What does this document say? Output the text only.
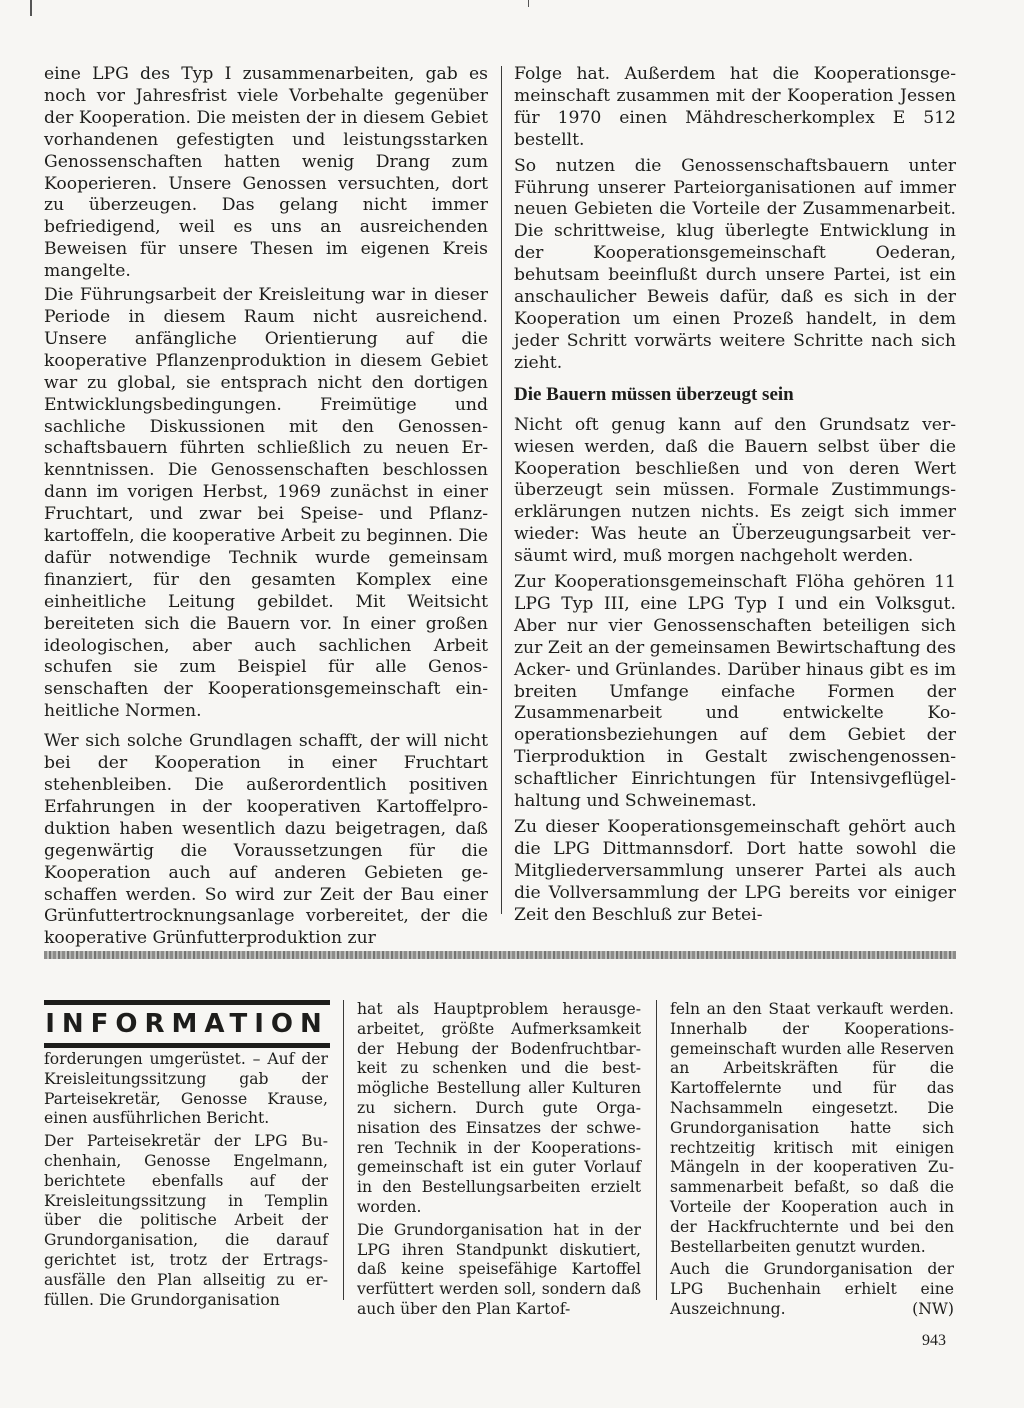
eine LPG des Typ I zusammenarbeiten, gab es noch vor Jahresfrist viele Vorbehalte gegenüber der Kooperation. Die meisten der in diesem Gebiet vorhandenen gefestigten und leistungsstarken Genossenschaften hatten wenig Drang zum Kooperieren. Unsere Genossen versuchten, dort zu überzeugen. Das gelang nicht immer befriedigend, weil es uns an ausreichenden Beweisen für unsere Thesen im eigenen Kreis mangelte.

Die Führungsarbeit der Kreisleitung war in dieser Periode in diesem Raum nicht ausreichend. Unsere anfängliche Orientierung auf die kooperative Pflanzenproduktion in diesem Gebiet war zu global, sie entsprach nicht den dortigen Entwicklungsbedingungen. Freimütige und sachliche Diskussionen mit den Genossenschaftsbauern führten schließlich zu neuen Erkenntnissen. Die Genossenschaften beschlossen dann im vorigen Herbst, 1969 zunächst in einer Fruchtart, und zwar bei Speise- und Pflanzkartoffeln, die kooperative Arbeit zu beginnen. Die dafür notwendige Technik wurde gemeinsam finanziert, für den gesamten Komplex eine einheitliche Leitung gebildet. Mit Weitsicht bereiteten sich die Bauern vor. In einer großen ideologischen, aber auch sachlichen Arbeit schufen sie zum Beispiel für alle Genossenschaften der Kooperationsgemeinschaft einheitliche Normen.

Wer sich solche Grundlagen schafft, der will nicht bei der Kooperation in einer Fruchtart stehenbleiben. Die außerordentlich positiven Erfahrungen in der kooperativen Kartoffelproduktion haben wesentlich dazu beigetragen, daß gegenwärtig die Voraussetzungen für die Kooperation auch auf anderen Gebieten geschaffen werden. So wird zur Zeit der Bau einer Grünfuttertrocknungsanlage vorbereitet, der die kooperative Grünfutterproduktion zur

Folge hat. Außerdem hat die Kooperationsgemeinschaft zusammen mit der Kooperation Jessen für 1970 einen Mähdrescherkomplex E 512 bestellt.

So nutzen die Genossenschaftsbauern unter Führung unserer Parteiorganisationen auf immer neuen Gebieten die Vorteile der Zusammenarbeit. Die schrittweise, klug überlegte Entwicklung in der Kooperationsgemeinschaft Oederan, behutsam beeinflußt durch unsere Partei, ist ein anschaulicher Beweis dafür, daß es sich in der Kooperation um einen Prozeß handelt, in dem jeder Schritt vorwärts weitere Schritte nach sich zieht.

Die Bauern müssen überzeugt sein

Nicht oft genug kann auf den Grundsatz verwiesen werden, daß die Bauern selbst über die Kooperation beschließen und von deren Wert überzeugt sein müssen. Formale Zustimmungserklärungen nutzen nichts. Es zeigt sich immer wieder: Was heute an Überzeugungsarbeit versäumt wird, muß morgen nachgeholt werden.

Zur Kooperationsgemeinschaft Flöha gehören 11 LPG Typ III, eine LPG Typ I und ein Volksgut. Aber nur vier Genossenschaften beteiligen sich zur Zeit an der gemeinsamen Bewirtschaftung des Acker- und Grünlandes. Darüber hinaus gibt es im breiten Umfange einfache Formen der Zusammenarbeit und entwickelte Kooperationsbeziehungen auf dem Gebiet der Tierproduktion in Gestalt zwischengenossenschaftlicher Einrichtungen für Intensivgeflügelhaltung und Schweinemast.

Zu dieser Kooperationsgemeinschaft gehört auch die LPG Dittmannsdorf. Dort hatte sowohl die Mitgliederversammlung unserer Partei als auch die Vollversammlung der LPG bereits vor einiger Zeit den Beschluß zur Betei-

INFORMATION

forderungen umgerüstet. – Auf der Kreisleitungssitzung gab der Parteisekretär, Genosse Krause, einen ausführlichen Bericht.

Der Parteisekretär der LPG Buchenhain, Genosse Engelmann, berichtete ebenfalls auf der Kreisleitungssitzung in Templin über die politische Arbeit der Grundorganisation, die darauf gerichtet ist, trotz der Ertragsausfälle den Plan allseitig zu erfüllen. Die Grundorganisation

hat als Hauptproblem herausgearbeitet, größte Aufmerksamkeit der Hebung der Bodenfruchtbarkeit zu schenken und die bestmögliche Bestellung aller Kulturen zu sichern. Durch gute Organisation des Einsatzes der schweren Technik in der Kooperationsgemeinschaft ist ein guter Vorlauf in den Bestellungsarbeiten erzielt worden.

Die Grundorganisation hat in der LPG ihren Standpunkt diskutiert, daß keine speisefähige Kartoffel verfüttert werden soll, sondern daß auch über den Plan Kartof-

feln an den Staat verkauft werden. Innerhalb der Kooperationsgemeinschaft wurden alle Reserven an Arbeitskräften für die Kartoffelernte und für das Nachsammeln eingesetzt. Die Grundorganisation hatte sich rechtzeitig kritisch mit einigen Mängeln in der kooperativen Zusammenarbeit befaßt, so daß die Vorteile der Kooperation auch in der Hackfruchternte und bei den Bestellarbeiten genutzt wurden.

Auch die Grundorganisation der LPG Buchenhain erhielt eine Auszeichnung.	(NW)

943
